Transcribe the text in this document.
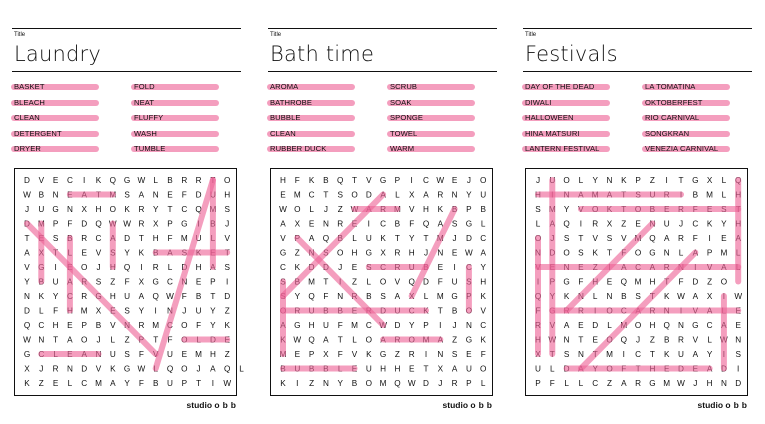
Title
Laundry
BASKET
BLEACH
CLEAN
DETERGENT
DRYER
FOLD
NEAT
FLUFFY
WASH
TUMBLE
D V E C I K Q G W L B R R T O
W B N E A T M S A N E F D U H
J U G N X H O K R Y T C Q M S
D M P F D Q W W R X P G I B J
T E S B R C A D T H F M U L V
A X T L E V S Y K B A S K E T
V G I E O J H Q I R L D H A S
Y B U A R S Z F X G C N E P I
N K Y C R G H U A Q W F B T D
D L F H M X E S Y I N J U Y Z
Q C H E P B V N R M C O F Y K
W N T A O J L Z P T F O L D E
G C L E A N U S F V U E M H Z
X J R N D V K G W L Q O J A Q L
K Z E L C M A Y F B U P T I W
studio obb
Title
Bath time
AROMA
BATHROBE
BUBBLE
CLEAN
RUBBER DUCK
SCRUB
SOAK
SPONGE
TOWEL
WARM
H F K B Q T V G P I C W E J O
E M C T S O D A L X A R N Y U
W O L J Z W A R M V H K B P B
A X E N R E I C B F Q A S G L
V P A Q B L U K T Y T M J D C
G Z N S O H G X R H J N E W A
C K D D J E S C R U B E I C Y
S B M T I Z L O V Q D F U S H
S Y Q F N R B S A X L M G P K
O R U B B E R D U C K T B O V
A G H U F M C W D Y P I J N C
K W Q A T L O A R O M A Z G K
M E P X F V K G Z R I N S E F
B U B B L E U H H E T X A U O
K I Z N Y B O M Q W D J R P L
studio obb
Title
Festivals
DAY OF THE DEAD
DIWALI
HALLOWEEN
HINA MATSURI
LANTERN FESTIVAL
LA TOMATINA
OKTOBERFEST
RIO CARNIVAL
SONGKRAN
VENEZIA CARNIVAL
J U O L Y N K P Z I T G X L Q
H I N A M A T S U R I B M L H
S M Y V O K T O B E R F E S T
L A Q I R X Z E N U J C K Y H
O J S T V S V M Q A R F I E A
N D O S K T F O G N L A P M L
V E N E Z I A C A R N I V A L
I P G F H E Q M H T F D Z O
Q Y K N L N B S T K W A X I W
F G R R I O C A R N I V A L E
R V A E D L M O H Q N G C A E
H W N T E O Q J Z B R V L W N
X T S N T M I C T K U A Y I S
U L D A Y O F T H E D E A D I
P F L L C Z A R G M W J H N D
studio obb
